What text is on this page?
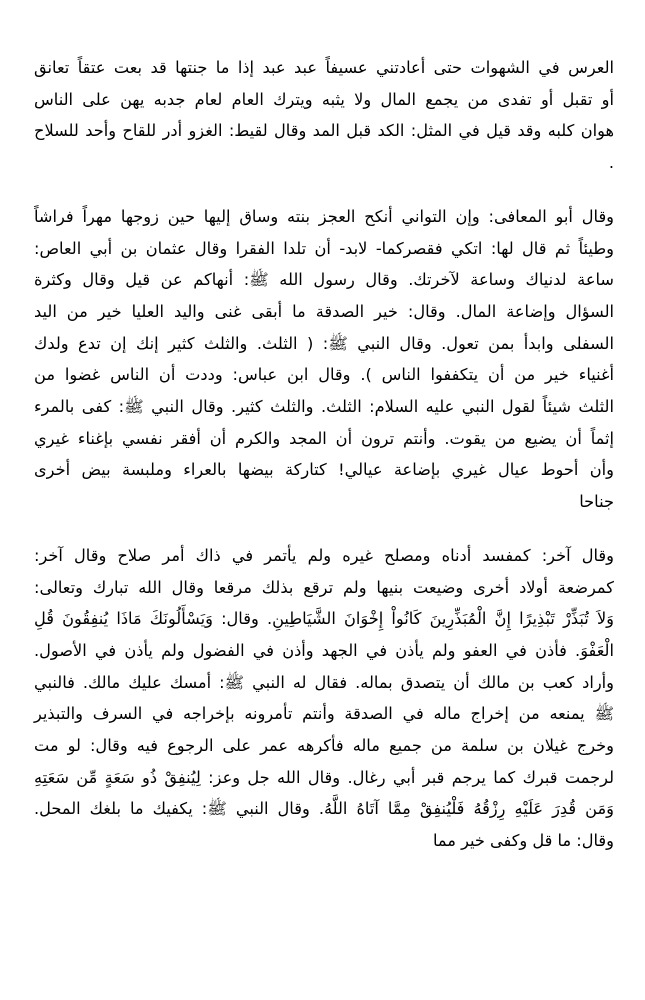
العرس في الشهوات حتى أعادتني عسيفاً عبد عبد إذا ما جنتها قد بعت عتقاً تعانق
أو تقبل أو تفدى من يجمع المال ولا يثبه ويترك العام لعام جدبه يهن على الناس
هوان كلبه وقد قيل في المثل: الكد قبل المد وقال لقيط: الغزو أدر للقاح وأحد للسلاح
.

وقال أبو المعافى: وإن التواني أنكح العجز بنته وساق إليها حين زوجها مهراً فراشاً
وطيئاً ثم قال لها: اتكي فقصركما- لابد- أن تلدا الفقرا وقال عثمان بن أبي العاص:
ساعة لدنياك وساعة لآخرتك. وقال رسول الله ﷺ: أنهاكم عن قيل وقال وكثرة
السؤال وإضاعة المال. وقال: خير الصدقة ما أبقى غنى واليد العليا خير من اليد
السفلى وابدأ بمن تعول. وقال النبي ﷺ: ( الثلث. والثلث كثير إنك إن تدع ولدك
أغنياء خير من أن يتكففوا الناس ). وقال ابن عباس: وددت أن الناس غضوا من
الثلث شيئاً لقول النبي عليه السلام: الثلث. والثلث كثير. وقال النبي ﷺ: كفى بالمرء
إثماً أن يضيع من يقوت. وأنتم ترون أن المجد والكرم أن أفقر نفسي بإغناء غيري
وأن أحوط عيال غيري بإضاعة عيالي! كتاركة بيضها بالعراء وملبسة بيض أخرى
جناحا

وقال آخر: كمفسد أدناه ومصلح غيره ولم يأتمر في ذاك أمر صلاح وقال آخر:
كمرضعة أولاد أخرى وضيعت بنيها ولم ترقع بذلك مرقعا وقال الله تبارك وتعالى:
وَلاَ تُبَذِّرْ تَبْذِيرًا إِنَّ الْمُبَذِّرِينَ كَانُواْ إِخْوَانَ الشَّيَاطِينِ. وقال: وَيَسْأَلُونَكَ مَاذَا يُنفِقُونَ قُلِ
الْعَفْوَ. فأذن في العفو ولم يأذن في الجهد وأذن في الفضول ولم يأذن في الأصول.
وأراد كعب بن مالك أن يتصدق بماله. فقال له النبي ﷺ: أمسك عليك مالك. فالنبي
ﷺ يمنعه من إخراج ماله في الصدقة وأنتم تأمرونه بإخراجه في السرف والتبذير
وخرج غيلان بن سلمة من جميع ماله فأكرهه عمر على الرجوع فيه وقال: لو مت
لرجمت قبرك كما يرجم قبر أبي رغال. وقال الله جل وعز: لِيُنفِقْ ذُو سَعَةٍ مِّن سَعَتِهِ
وَمَن قُدِرَ عَلَيْهِ رِزْقُهُ فَلْيُنفِقْ مِمَّا آتَاهُ اللَّهُ. وقال النبي ﷺ: يكفيك ما بلغك المحل.
وقال: ما قل وكفى خير مما
